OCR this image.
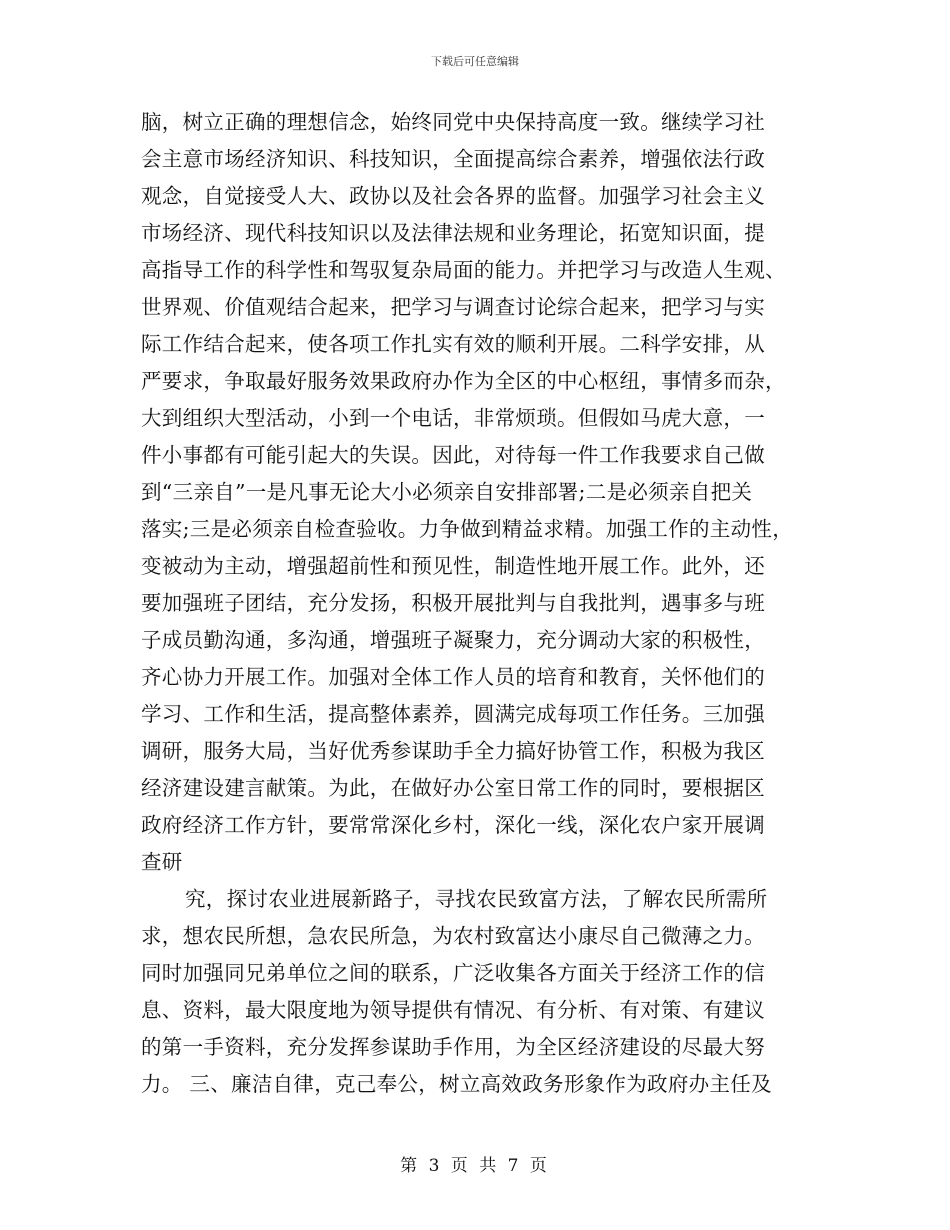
下载后可任意编辑
脑，树立正确的理想信念，始终同党中央保持高度一致。继续学习社
会主意市场经济知识、科技知识，全面提高综合素养，增强依法行政
观念，自觉接受人大、政协以及社会各界的监督。加强学习社会主义
市场经济、现代科技知识以及法律法规和业务理论，拓宽知识面，提
高指导工作的科学性和驾驭复杂局面的能力。并把学习与改造人生观、
世界观、价值观结合起来，把学习与调查讨论综合起来，把学习与实
际工作结合起来，使各项工作扎实有效的顺利开展。二科学安排，从
严要求，争取最好服务效果政府办作为全区的中心枢纽，事情多而杂，
大到组织大型活动，小到一个电话，非常烦琐。但假如马虎大意，一
件小事都有可能引起大的失误。因此，对待每一件工作我要求自己做
到“三亲自”一是凡事无论大小必须亲自安排部署;二是必须亲自把关
落实;三是必须亲自检查验收。力争做到精益求精。加强工作的主动性，
变被动为主动，增强超前性和预见性，制造性地开展工作。此外，还
要加强班子团结，充分发扬，积极开展批判与自我批判，遇事多与班
子成员勤沟通，多沟通，增强班子凝聚力，充分调动大家的积极性，
齐心协力开展工作。加强对全体工作人员的培育和教育，关怀他们的
学习、工作和生活，提高整体素养，圆满完成每项工作任务。三加强
调研，服务大局，当好优秀参谋助手全力搞好协管工作，积极为我区
经济建设建言献策。为此，在做好办公室日常工作的同时，要根据区
政府经济工作方针，要常常深化乡村，深化一线，深化农户家开展调
查研
究，探讨农业进展新路子，寻找农民致富方法，了解农民所需所
求，想农民所想，急农民所急，为农村致富达小康尽自己微薄之力。
同时加强同兄弟单位之间的联系，广泛收集各方面关于经济工作的信
息、资料，最大限度地为领导提供有情况、有分析、有对策、有建议
的第一手资料，充分发挥参谋助手作用，为全区经济建设的尽最大努
力。 三、廉洁自律，克己奉公，树立高效政务形象作为政府办主任及
第 3 页 共 7 页
